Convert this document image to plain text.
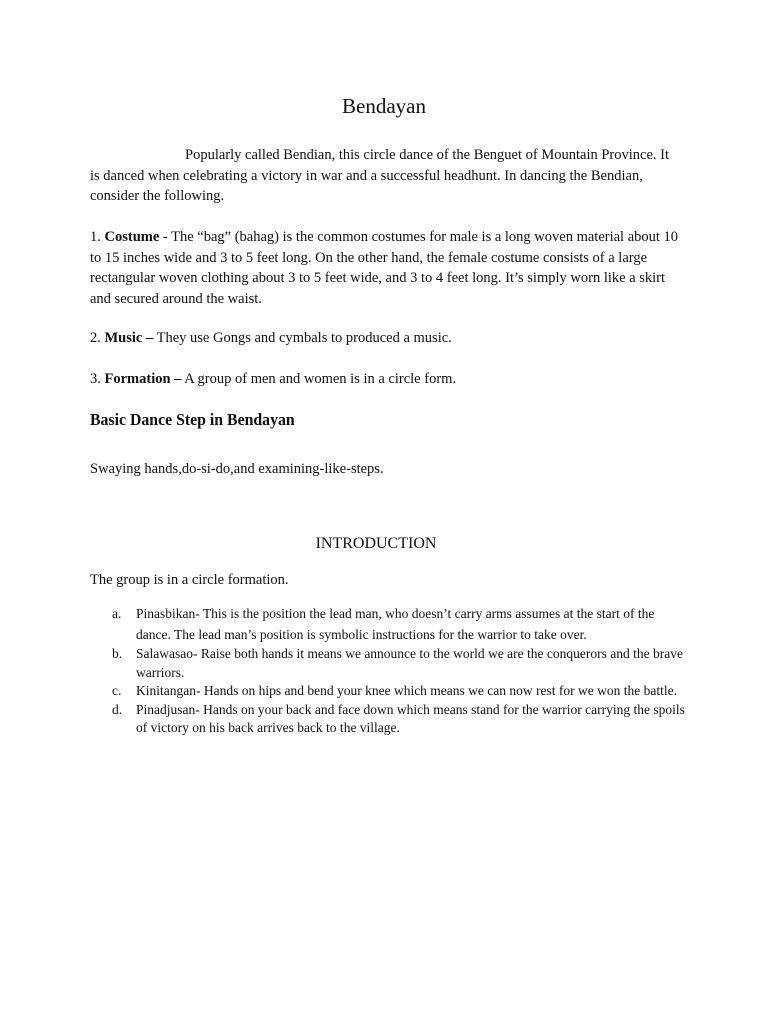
Bendayan

Popularly called Bendian, this circle dance of the Benguet of Mountain Province. It is danced when celebrating a victory in war and a successful headhunt. In dancing the Bendian, consider the following.

1. Costume - The “bag” (bahag) is the common costumes for male is a long woven material about 10 to 15 inches wide and 3 to 5 feet long. On the other hand, the female costume consists of a large rectangular woven clothing about 3 to 5 feet wide, and 3 to 4 feet long. It’s simply worn like a skirt and secured around the waist.

2. Music – They use Gongs and cymbals to produced a music.

3. Formation – A group of men and women is in a circle form.

Basic Dance Step in Bendayan

Swaying hands,do-si-do,and examining-like-steps.

INTRODUCTION

The group is in a circle formation.

a. Pinasbikan- This is the position the lead man, who doesn’t carry arms assumes at the start of the dance. The lead man’s position is symbolic instructions for the warrior to take over.
b. Salawasao- Raise both hands it means we announce to the world we are the conquerors and the brave warriors.
c. Kinitangan- Hands on hips and bend your knee which means we can now rest for we won the battle.
d. Pinadjusan- Hands on your back and face down which means stand for the warrior carrying the spoils of victory on his back arrives back to the village.
